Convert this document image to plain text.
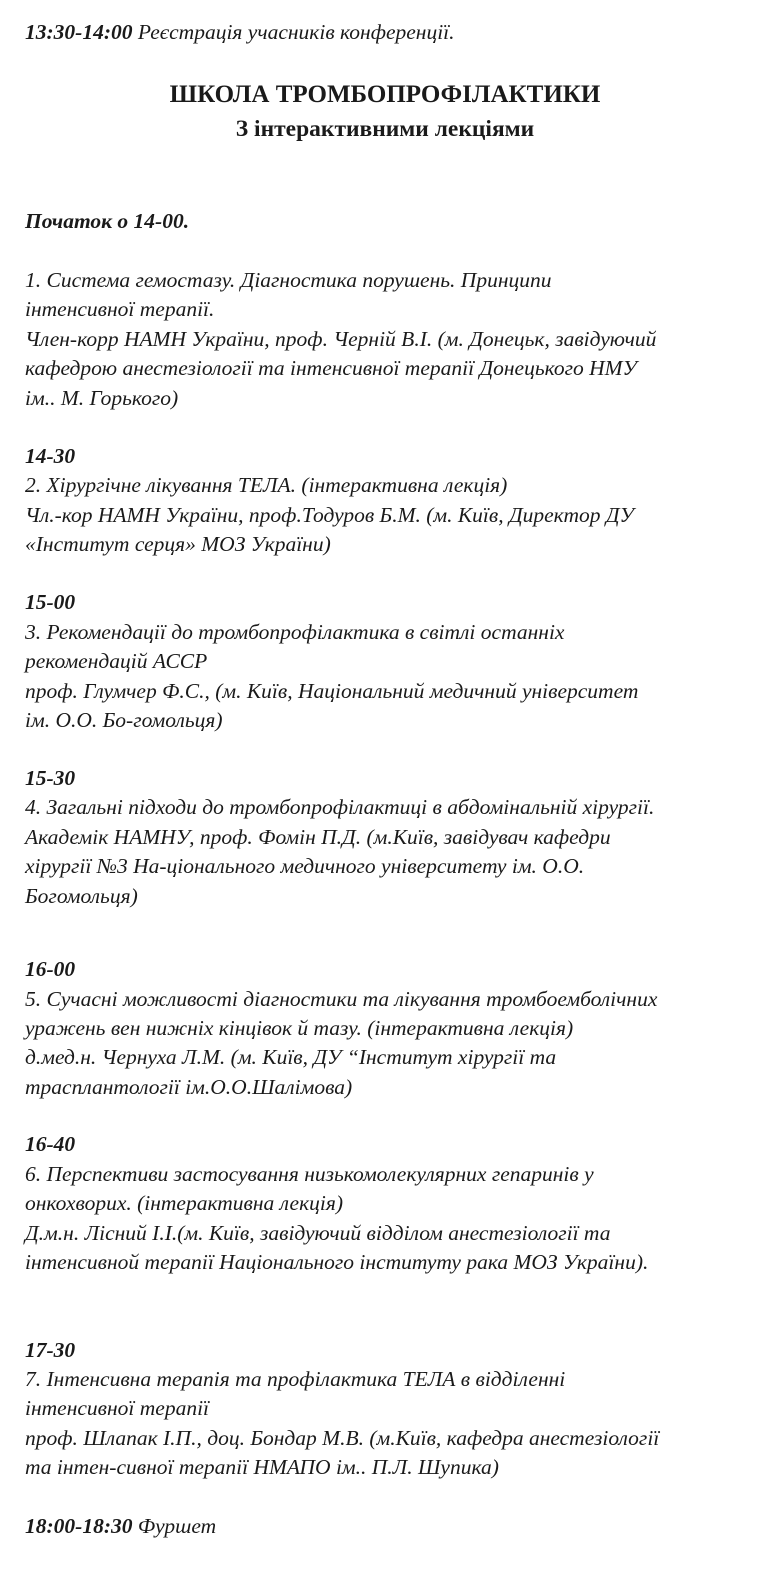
13:30-14:00 Реєстрація учасників конференції.
ШКОЛА ТРОМБОПРОФІЛАКТИКИ
З інтерактивними лекціями
Початок о 14-00.
1. Система гемостазу. Діагностика порушень. Принципи
інтенсивної терапії.
Член-корр НАМН України, проф. Черній В.І. (м. Донецьк, завідуючий
кафедрою анестезіології та інтенсивної терапії Донецького НМУ
ім.. М. Горького)
14-30
2. Хірургічне лікування ТЕЛА. (інтерактивна лекція)
Чл.-кор НАМН України, проф.Тодуров Б.М. (м. Київ, Директор ДУ
«Інститут серця» МОЗ України)
15-00
3. Рекомендації до тромбопрофілактика в світлі останніх
рекомендацій АССР
проф. Глумчер Ф.С., (м. Київ, Національний медичний університет
ім. О.О. Бо-гомольця)
15-30
4. Загальні підходи до тромбопрофілактиці в абдомінальній хірургії.
Академік НАМНУ, проф. Фомін П.Д. (м.Київ, завідувач кафедри
хірургії №3 На-ціонального медичного університету ім. О.О.
Богомольця)
16-00
5. Сучасні можливості діагностики та лікування тромбоемболічних
уражень вен нижніх кінцівок й тазу. (інтерактивна лекція)
д.мед.н. Чернуха Л.М. (м. Київ, ДУ “Інститут хірургії та
трасплантології ім.О.О.Шалімова)
16-40
6. Перспективи застосування низькомолекулярних гепаринів у
онкохворих. (інтерактивна лекція)
Д.м.н. Лісний І.І.(м. Київ, завідуючий відділом анестезіології та
інтенсивной терапії Національного інституту рака МОЗ України).
17-30
7. Інтенсивна терапія та профілактика ТЕЛА в відділенні
інтенсивної терапії
проф. Шлапак І.П., доц. Бондар М.В. (м.Київ, кафедра анестезіології
та інтен-сивної терапії НМАПО ім.. П.Л. Шупика)
18:00-18:30 Фуршет
